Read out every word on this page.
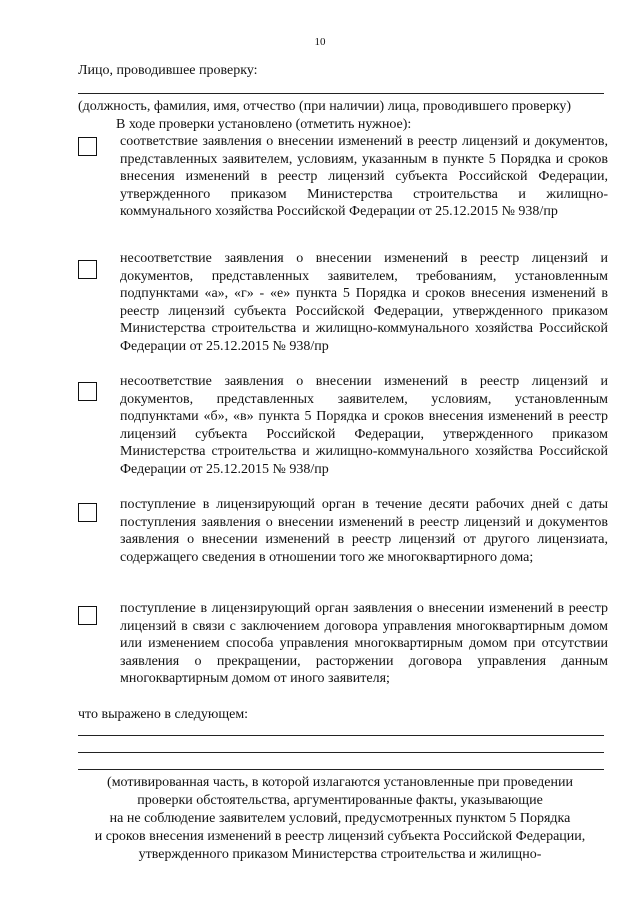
10
Лицо, проводившее проверку:
(должность, фамилия, имя, отчество (при наличии) лица, проводившего проверку)
В ходе проверки установлено (отметить нужное):
соответствие заявления о внесении изменений в реестр лицензий и документов, представленных заявителем, условиям, указанным в пункте 5 Порядка и сроков внесения изменений в реестр лицензий субъекта Российской Федерации, утвержденного приказом Министерства строительства и жилищно-коммунального хозяйства Российской Федерации от 25.12.2015 № 938/пр
несоответствие заявления о внесении изменений в реестр лицензий и документов, представленных заявителем, требованиям, установленным подпунктами «а», «г» - «е» пункта 5 Порядка и сроков внесения изменений в реестр лицензий субъекта Российской Федерации, утвержденного приказом Министерства строительства и жилищно-коммунального хозяйства Российской Федерации от 25.12.2015 № 938/пр
несоответствие заявления о внесении изменений в реестр лицензий и документов, представленных заявителем, условиям, установленным подпунктами «б», «в» пункта 5 Порядка и сроков внесения изменений в реестр лицензий субъекта Российской Федерации, утвержденного приказом Министерства строительства и жилищно-коммунального хозяйства Российской Федерации от 25.12.2015 № 938/пр
поступление в лицензирующий орган в течение десяти рабочих дней с даты поступления заявления о внесении изменений в реестр лицензий и документов заявления о внесении изменений в реестр лицензий от другого лицензиата, содержащего сведения в отношении того же многоквартирного дома;
поступление в лицензирующий орган заявления о внесении изменений в реестр лицензий в связи с заключением договора управления многоквартирным домом или изменением способа управления многоквартирным домом при отсутствии заявления о прекращении, расторжении договора управления данным многоквартирным домом от иного заявителя;
что выражено в следующем:
(мотивированная часть, в которой излагаются установленные при проведении
проверки обстоятельства, аргументированные факты, указывающие
на не соблюдение заявителем условий, предусмотренных пунктом 5 Порядка
и сроков внесения изменений в реестр лицензий субъекта Российской Федерации,
утвержденного приказом Министерства строительства и жилищно-
